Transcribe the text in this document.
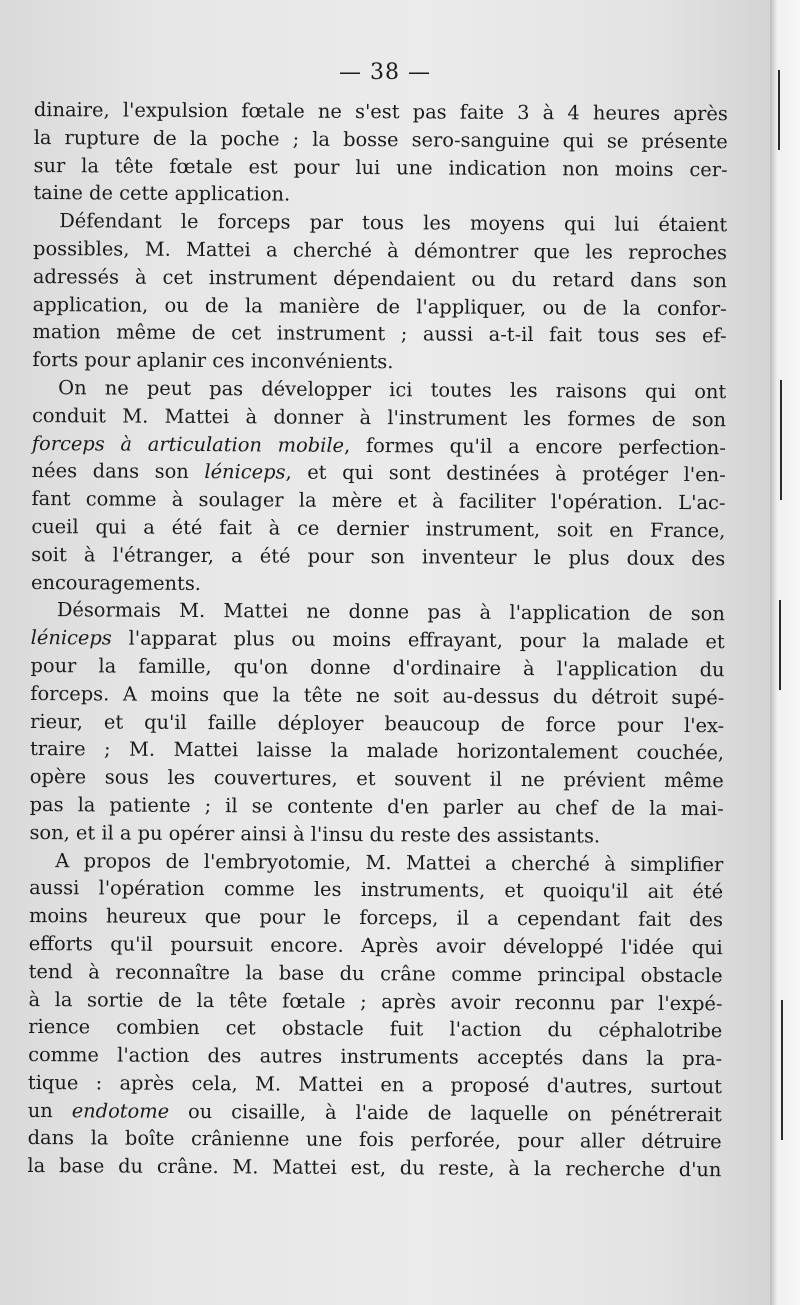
— 38 —
dinaire, l'expulsion fœtale ne s'est pas faite 3 à 4 heures après
la rupture de la poche ; la bosse sero-sanguine qui se présente
sur la tête fœtale est pour lui une indication non moins cer-
taine de cette application.
Défendant le forceps par tous les moyens qui lui étaient
possibles, M. Mattei a cherché à démontrer que les reproches
adressés à cet instrument dépendaient ou du retard dans son
application, ou de la manière de l'appliquer, ou de la confor-
mation même de cet instrument ; aussi a-t-il fait tous ses ef-
forts pour aplanir ces inconvénients.
On ne peut pas développer ici toutes les raisons qui ont
conduit M. Mattei à donner à l'instrument les formes de son
forceps à articulation mobile, formes qu'il a encore perfection-
nées dans son léniceps, et qui sont destinées à protéger l'en-
fant comme à soulager la mère et à faciliter l'opération. L'ac-
cueil qui a été fait à ce dernier instrument, soit en France,
soit à l'étranger, a été pour son inventeur le plus doux des
encouragements.
Désormais M. Mattei ne donne pas à l'application de son
léniceps l'apparat plus ou moins effrayant, pour la malade et
pour la famille, qu'on donne d'ordinaire à l'application du
forceps. A moins que la tête ne soit au-dessus du détroit supé-
rieur, et qu'il faille déployer beaucoup de force pour l'ex-
traire ; M. Mattei laisse la malade horizontalement couchée,
opère sous les couvertures, et souvent il ne prévient même
pas la patiente ; il se contente d'en parler au chef de la mai-
son, et il a pu opérer ainsi à l'insu du reste des assistants.
A propos de l'embryotomie, M. Mattei a cherché à simplifier
aussi l'opération comme les instruments, et quoiqu'il ait été
moins heureux que pour le forceps, il a cependant fait des
efforts qu'il poursuit encore. Après avoir développé l'idée qui
tend à reconnaître la base du crâne comme principal obstacle
à la sortie de la tête fœtale ; après avoir reconnu par l'expé-
rience combien cet obstacle fuit l'action du céphalotribe
comme l'action des autres instruments acceptés dans la pra-
tique : après cela, M. Mattei en a proposé d'autres, surtout
un endotome ou cisaille, à l'aide de laquelle on pénétrerait
dans la boîte crânienne une fois perforée, pour aller détruire
la base du crâne. M. Mattei est, du reste, à la recherche d'un
